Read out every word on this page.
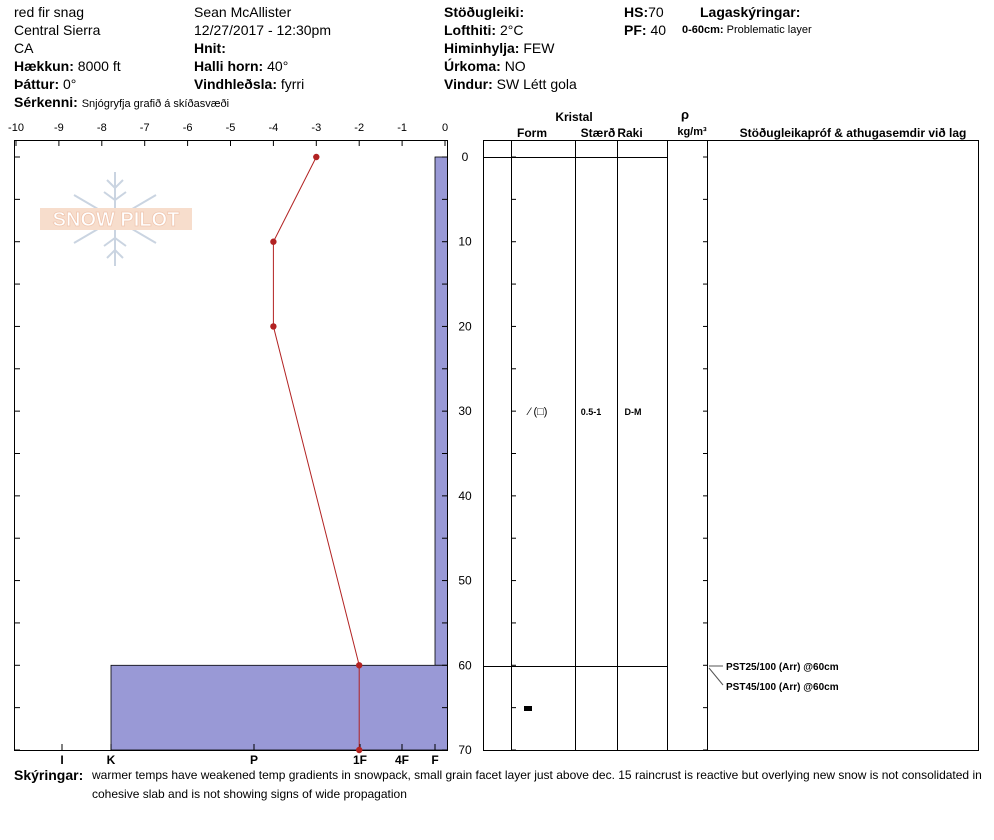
red fir snag
Central Sierra
CA
Hækkun: 8000 ft
Þáttur: 0°
Sérkenni: Snjógryfja grafið á skíðasvæði
Sean McAllister
12/27/2017 - 12:30pm
Hnit:
Halli horn: 40°
Vindhleðsla: fyrri
Stöðugleiki:
Lofthiti: 2°C
Himinhylja: FEW
Úrkoma: NO
Vindur: SW Létt gola
HS:70
PF: 40
Lagaskýringar:
0-60cm: Problematic layer
SNOW PILOT
-10	-9	-8	-7	-6	-5	-4	-3	-2	-1	0
0
10
20
30
40
50
60
70
I	K	P	1F 4F F
Kristal
Form	Stærð Raki
ρ
kg/m³	Stöðugleikapróf & athugasemdir við lag
⁄ (□)	0.5-1	D-M
PST25/100 (Arr) @60cm
PST45/100 (Arr) @60cm
Skýringar: warmer temps have weakened temp gradients in snowpack, small grain facet layer just above dec. 15 raincrust is reactive but overlying new snow is not consolidated in
cohesive slab and is not showing signs of wide propagation
